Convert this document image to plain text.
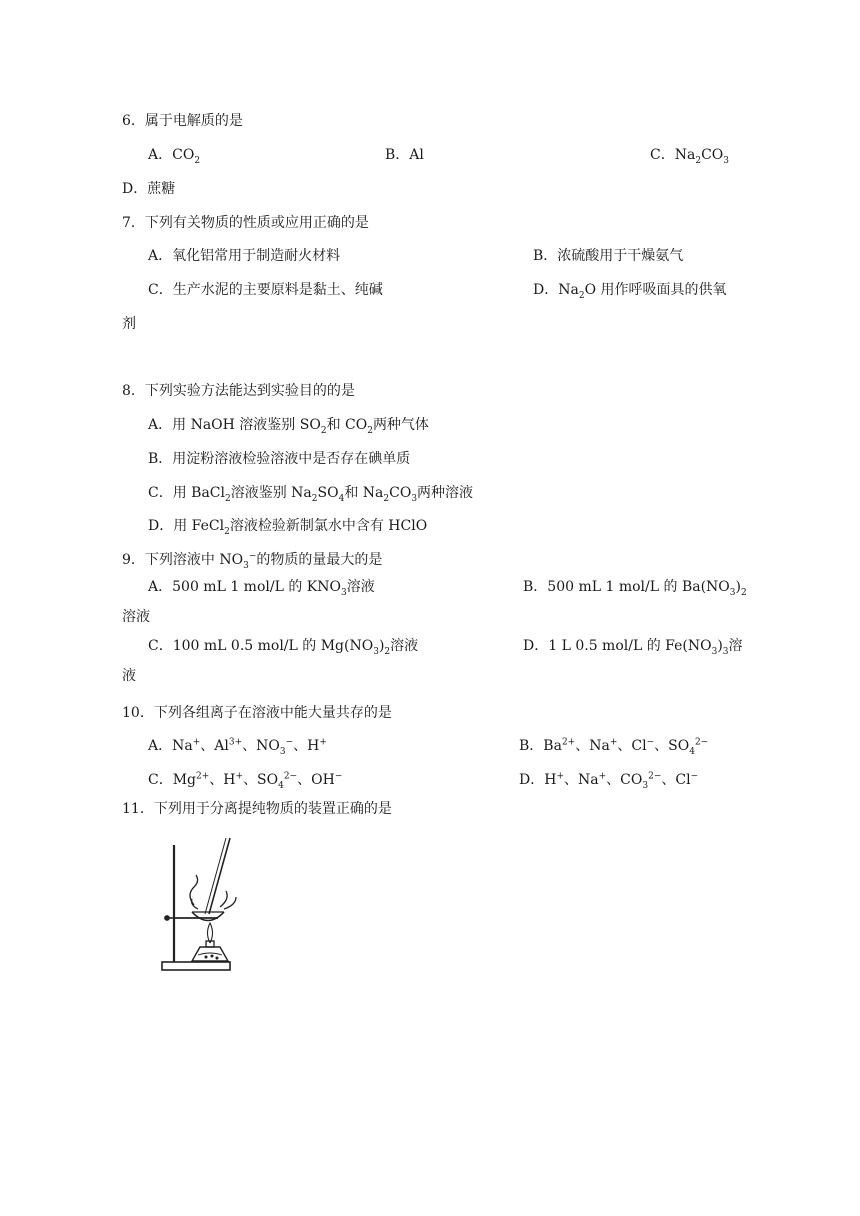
6．属于电解质的是
A．$CO_2$	B．Al	C．$Na_2CO_3$
D．蔗糖
7．下列有关物质的性质或应用正确的是
A．氧化铝常用于制造耐火材料	B．浓硫酸用于干燥氨气
C．生产水泥的主要原料是黏土、纯碱	D．$Na_2O$ 用作呼吸面具的供氧
剂
8．下列实验方法能达到实验目的的是
A．用 NaOH 溶液鉴别 $SO_2$和 $CO_2$两种气体
B．用淀粉溶液检验溶液中是否存在碘单质
C．用 BaCl$_2$溶液鉴别 $Na_2SO_4$和 $Na_2CO_3$两种溶液
D．用 FeCl$_2$溶液检验新制氯水中含有 HClO
9．下列溶液中 $NO_3^-$的物质的量最大的是
A．500 mL 1 mol/L 的 $KNO_3$溶液	B．500 mL 1 mol/L 的 $Ba(NO_3)_2$
溶液
C．100 mL 0.5 mol/L 的 $Mg(NO_3)_2$溶液	D．1 L 0.5 mol/L 的 $Fe(NO_3)_3$溶
液
10．下列各组离子在溶液中能大量共存的是
A．Na+、$Al^{3+}$、$NO_3^-$、H+	B．$Ba^{2+}$、Na+、Cl−、$SO_4^{2-}$
C．$Mg^{2+}$、H+、$SO_4^{2-}$、OH−	D．H+、Na+、$CO_3^{2-}$、Cl−
11．下列用于分离提纯物质的装置正确的是
